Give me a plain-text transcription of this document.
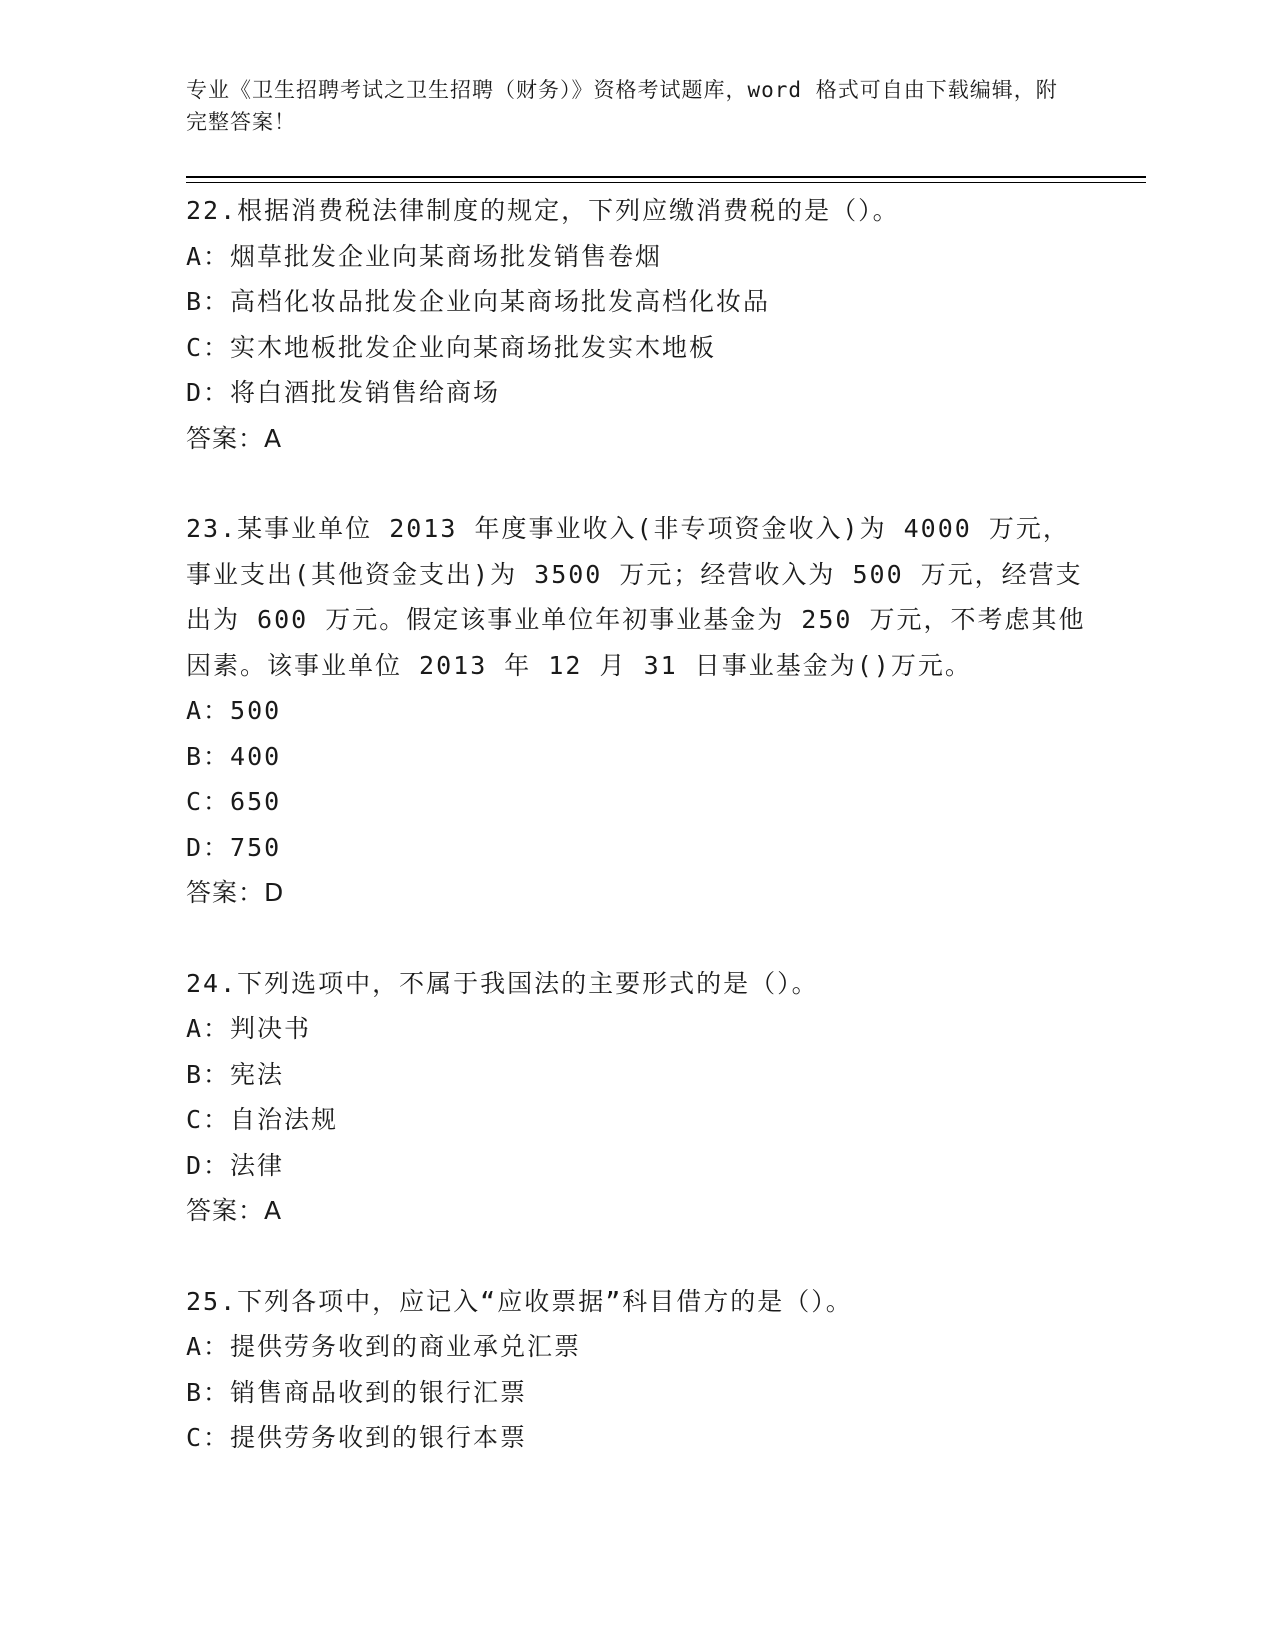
专业《卫生招聘考试之卫生招聘（财务）》资格考试题库，word 格式可自由下载编辑，附完整答案！

22.根据消费税法律制度的规定，下列应缴消费税的是（）。

A：烟草批发企业向某商场批发销售卷烟

B：高档化妆品批发企业向某商场批发高档化妆品

C：实木地板批发企业向某商场批发实木地板

D：将白酒批发销售给商场

答案：A

23.某事业单位 2013 年度事业收入(非专项资金收入)为 4000 万元，事业支出(其他资金支出)为 3500 万元；经营收入为 500 万元，经营支出为 600 万元。假定该事业单位年初事业基金为 250 万元，不考虑其他因素。该事业单位 2013 年 12 月 31 日事业基金为()万元。

A：500

B：400

C：650

D：750

答案：D

24.下列选项中，不属于我国法的主要形式的是（）。

A：判决书

B：宪法

C：自治法规

D：法律

答案：A

25.下列各项中，应记入“应收票据”科目借方的是（）。

A：提供劳务收到的商业承兑汇票

B：销售商品收到的银行汇票

C：提供劳务收到的银行本票
